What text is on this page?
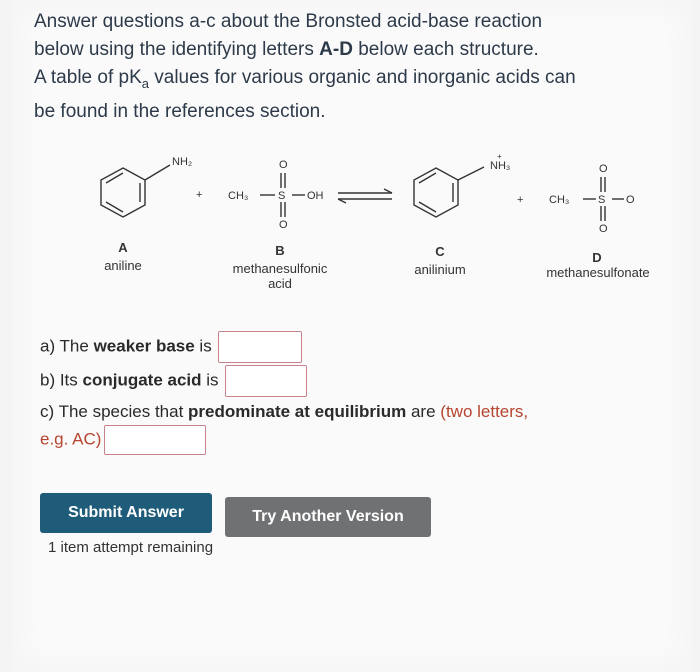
Answer questions a-c about the Bronsted acid-base reaction
below using the identifying letters A-D below each structure.
A table of $pK_a$ values for various organic and inorganic acids can
be found in the references section.
NH₂
+ CH₃	S
O
O
OH
NH₃
+
+ CH₃	S
O
O
O
A
aniline
B
methanesulfonic acid
C
anilinium
D
methanesulfonate
a) The weaker base is
b) Its conjugate acid is
c) The species that predominate at equilibrium are (two letters,
e.g. AC)
Submit Answer	Try Another Version
1 item attempt remaining
